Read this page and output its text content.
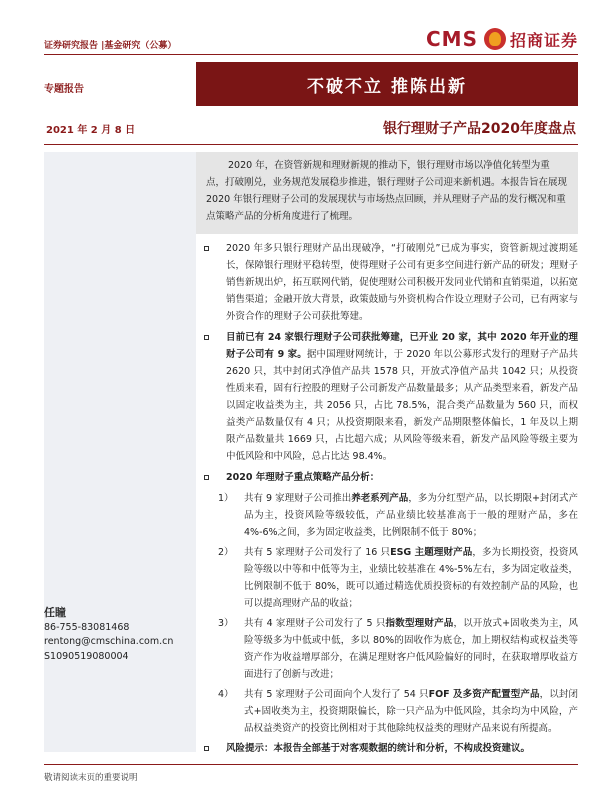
证券研究报告 |基金研究（公募）	CMS 招商证券
专题报告	不破不立 推陈出新
2021 年 2 月 8 日	银行理财子产品2020年度盘点
任瞳
86-755-83081468
rentong@cmschina.com.cn
S1090519080004
2020 年，在资管新规和理财新规的推动下，银行理财市场以净值化转型为重点，打破刚兑，业务规范发展稳步推进，银行理财子公司迎来新机遇。本报告旨在展现 2020 年银行理财子公司的发展现状与市场热点回顾，并从理财子产品的发行概况和重点策略产品的分析角度进行了梳理。
2020 年多只银行理财产品出现破净，“打破刚兑”已成为事实，资管新规过渡期延长，保障银行理财平稳转型，使得理财子公司有更多空间进行新产品的研发；理财子销售新规出炉，拓互联网代销，促使理财公司积极开发同业代销和直销渠道，以拓宽销售渠道；金融开放大背景，政策鼓励与外资机构合作设立理财子公司，已有两家与外资合作的理财子公司获批筹建。
目前已有 24 家银行理财子公司获批筹建，已开业 20 家，其中 2020 年开业的理财子公司有 9 家。据中国理财网统计，于 2020 年以公募形式发行的理财子产品共 2620 只，其中封闭式净值产品共 1578 只，开放式净值产品共 1042 只；从投资性质来看，固有行控股的理财子公司新发产品数量最多；从产品类型来看，新发产品以固定收益类为主，共 2056 只，占比 78.5%，混合类产品数量为 560 只，而权益类产品数量仅有 4 只；从投资期限来看，新发产品期限整体偏长，1 年及以上期限产品数量共 1669 只，占比超六成；从风险等级来看，新发产品风险等级主要为中低风险和中风险，总占比达 98.4%。
2020 年理财子重点策略产品分析：
1） 共有 9 家理财子公司推出养老系列产品，多为分红型产品，以长期限+封闭式产品为主，投资风险等级较低，产品业绩比较基准高于一般的理财产品，多在 4%-6%之间，多为固定收益类，比例限制不低于 80%；
2） 共有 5 家理财子公司发行了 16 只ESG 主题理财产品，多为长期投资，投资风险等级以中等和中低等为主，业绩比较基准在 4%-5%左右，多为固定收益类，比例限制不低于 80%，既可以通过精选优质投资标的有效控制产品的风险，也可以提高理财产品的收益；
3） 共有 4 家理财子公司发行了 5 只指数型理财产品，以开放式+固收类为主，风险等级多为中低或中低，多以 80%的固收作为底仓，加上期权结构或权益类等资产作为收益增厚部分，在满足理财客户低风险偏好的同时，在获取增厚收益方面进行了创新与改进；
4） 共有 5 家理财子公司面向个人发行了 54 只FOF 及多资产配置型产品，以封闭式+固收类为主，投资期限偏长，除一只产品为中低风险，其余均为中风险，产品权益类资产的投资比例相对于其他除纯权益类的理财产品来说有所提高。
风险提示：本报告全部基于对客观数据的统计和分析，不构成投资建议。
敬请阅读末页的重要说明
